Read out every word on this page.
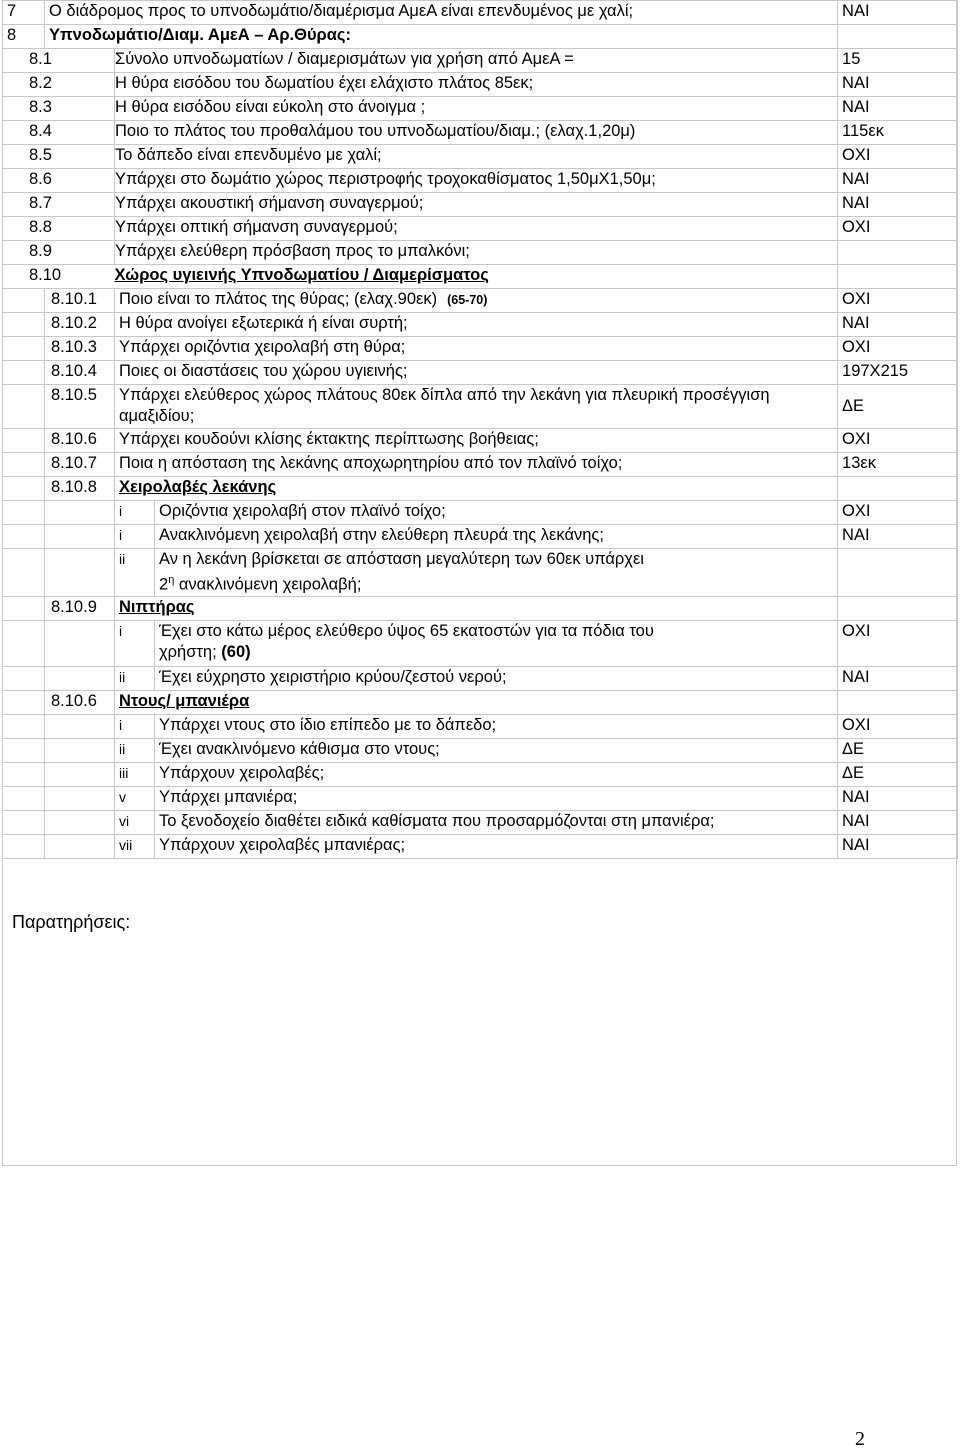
7	Ο διάδρομος προς το υπνοδωμάτιο/διαμέρισμα ΑμεΑ είναι επενδυμένος με χαλί;			ΝΑΙ
8	Υπνοδωμάτιο/Διαμ. ΑμεΑ – Αρ.Θύρας:			
8.1		Σύνολο υπνοδωματίων / διαμερισμάτων για χρήση από ΑμεΑ =		15
8.2		Η θύρα εισόδου του δωματίου έχει ελάχιστο πλάτος 85εκ;		ΝΑΙ
8.3		Η θύρα εισόδου είναι εύκολη στο άνοιγμα ;		ΝΑΙ
8.4		Ποιο το πλάτος του προθαλάμου του υπνοδωματίου/διαμ.; (ελαχ.1,20μ)		115εκ
8.5		Το δάπεδο είναι επενδυμένο με χαλί;		ΟΧΙ
8.6		Υπάρχει στο δωμάτιο χώρος περιστροφής τροχοκαθίσματος 1,50μΧ1,50μ;		ΝΑΙ
8.7		Υπάρχει ακουστική σήμανση συναγερμού;		ΝΑΙ
8.8		Υπάρχει οπτική σήμανση συναγερμού;		ΟΧΙ
8.9		Υπάρχει ελεύθερη πρόσβαση προς το μπαλκόνι;		
8.10		Χώρος υγιεινής Υπνοδωματίου / Διαμερίσματος		
	8.10.1	Ποιο είναι το πλάτος της θύρας; (ελαχ.90εκ) (65-70)		ΟΧΙ
	8.10.2	Η θύρα ανοίγει εξωτερικά ή είναι συρτή;		ΝΑΙ
	8.10.3	Υπάρχει οριζόντια χειρολαβή στη θύρα;		ΟΧΙ
	8.10.4	Ποιες οι διαστάσεις του χώρου υγιεινής;		197Χ215
	8.10.5	Υπάρχει ελεύθερος χώρος πλάτους 80εκ δίπλα από την λεκάνη για πλευρική προσέγγιση αμαξιδίου;		ΔΕ
	8.10.6	Υπάρχει κουδούνι κλίσης έκτακτης περίπτωσης βοήθειας;		ΟΧΙ
	8.10.7	Ποια η απόσταση της λεκάνης αποχωρητηρίου από τον πλαϊνό τοίχο;		13εκ
	8.10.8	Χειρολαβές λεκάνης		
		i	Οριζόντια χειρολαβή στον πλαϊνό τοίχο;	ΟΧΙ
		i	Ανακλινόμενη χειρολαβή στην ελεύθερη πλευρά της λεκάνης;	ΝΑΙ
		ii	Αν η λεκάνη βρίσκεται σε απόσταση μεγαλύτερη των 60εκ υπάρχει
$2^\eta$ ανακλινόμενη χειρολαβή;	
	8.10.9	Νιπτήρας		
		i	Έχει στο κάτω μέρος ελεύθερο ύψος 65 εκατοστών για τα πόδια του
χρήστη; (60)	ΟΧΙ
		ii	Έχει εύχρηστο χειριστήριο κρύου/ζεστού νερού;	ΝΑΙ
	8.10.6	Ντους/ μπανιέρα		
		i	Υπάρχει ντους στο ίδιο επίπεδο με το δάπεδο;	ΟΧΙ
		ii	Έχει ανακλινόμενο κάθισμα στο ντους;	ΔΕ
		iii	Υπάρχουν χειρολαβές;	ΔΕ
		v	Υπάρχει μπανιέρα;	ΝΑΙ
		vi	Το ξενοδοχείο διαθέτει ειδικά καθίσματα που προσαρμόζονται στη μπανιέρα;	ΝΑΙ
		vii	Υπάρχουν χειρολαβές μπανιέρας;	ΝΑΙ
Παρατηρήσεις:
2
